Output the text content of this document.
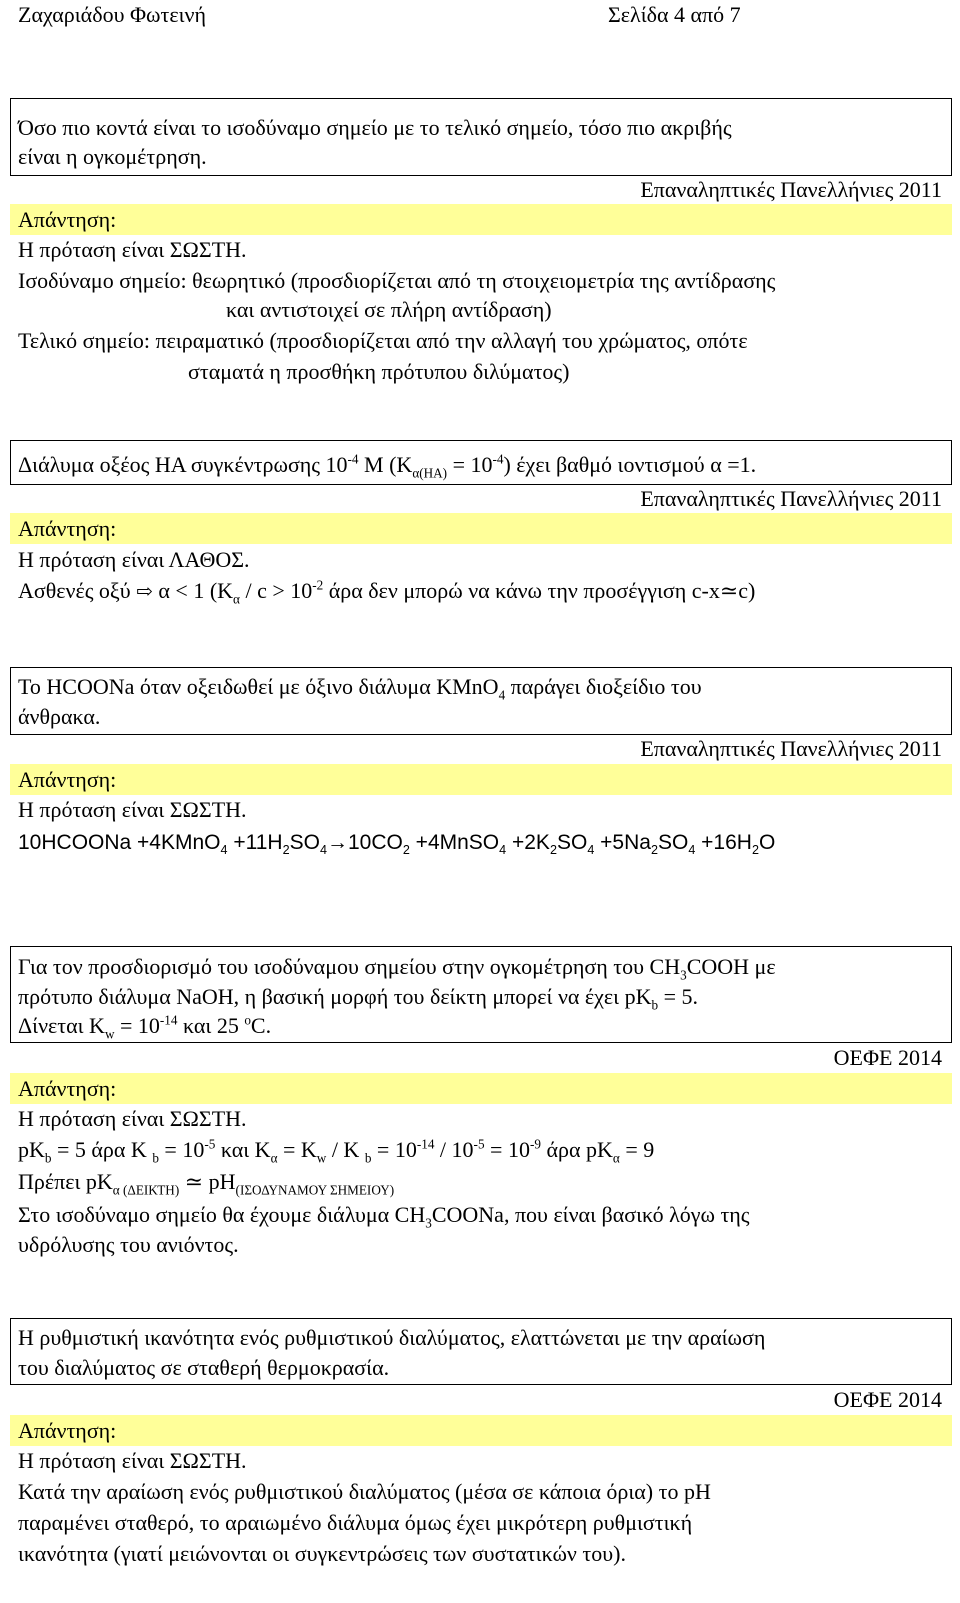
Ζαχαριάδου Φωτεινή	Σελίδα 4 από 7
Όσο πιο κοντά είναι το ισοδύναμο σημείο με το τελικό σημείο, τόσο πιο ακριβής
είναι η ογκομέτρηση.
Επαναληπτικές Πανελλήνιες 2011
Απάντηση:
Η πρόταση είναι ΣΩΣΤΗ.
Ισοδύναμο σημείο: θεωρητικό (προσδιορίζεται από τη στοιχειομετρία της αντίδρασης
και αντιστοιχεί σε πλήρη αντίδραση)
Τελικό σημείο: πειραματικό (προσδιορίζεται από την αλλαγή του χρώματος, οπότε
σταματά η προσθήκη πρότυπου διλύματος)
Διάλυμα οξέος ΗΑ συγκέντρωσης $10^{-4}$ Μ $(K_{\alpha(HA)} = 10^{-4})$ έχει βαθμό ιοντισμού α =1.
Επαναληπτικές Πανελλήνιες 2011
Απάντηση:
Η πρόταση είναι ΛΑΘΟΣ.
Ασθενές οξύ ⇨ α < 1 ($K_\alpha / c > 10^{-2}$ άρα δεν μπορώ να κάνω την προσέγγιση c-x≃c)
Το HCOONa όταν οξειδωθεί με όξινο διάλυμα KMnO$_4$ παράγει διοξείδιο του
άνθρακα.
Επαναληπτικές Πανελλήνιες 2011
Απάντηση:
Η πρόταση είναι ΣΩΣΤΗ.
10HCOONa +4KMnO$_4$ $+11H_2SO_4\to 10CO_2$ +4MnSO$_4$ $+2K_2SO_4 +5Na_2SO_4 +16H_2O$
Για τον προσδιορισμό του ισοδύναμου σημείου στην ογκομέτρηση του $CH_3COOH$ με
πρότυπο διάλυμα NaOH, η βασική μορφή του δείκτη μπορεί να έχει $pK_b = 5$.
Δίνεται $K_w = 10^{-14}$ και 25 $^o$C.
ΟΕΦΕ 2014
Απάντηση:
Η πρόταση είναι ΣΩΣΤΗ.
$pK_b = 5$ άρα K $_b = 10^{-5}$ και $K_\alpha = K_w / K$ $_b = 10^{-14} / 10^{-5} = 10^{-9}$ άρα $pK_\alpha = 9$
Πρέπει $pK_{\alpha (\Delta EIKTH)}$ ≃ $pH_{(I\Sigma O\Delta\Upsilon NAMO\Upsilon \Sigma HMEIO\Upsilon)}$
Στο ισοδύναμο σημείο θα έχουμε διάλυμα $CH_3COONa$, που είναι βασικό λόγω της
υδρόλυσης του ανιόντος.
Η ρυθμιστική ικανότητα ενός ρυθμιστικού διαλύματος, ελαττώνεται με την αραίωση
του διαλύματος σε σταθερή θερμοκρασία.
ΟΕΦΕ 2014
Απάντηση:
Η πρόταση είναι ΣΩΣΤΗ.
Κατά την αραίωση ενός ρυθμιστικού διαλύματος (μέσα σε κάποια όρια) το pH
παραμένει σταθερό, το αραιωμένο διάλυμα όμως έχει μικρότερη ρυθμιστική
ικανότητα (γιατί μειώνονται οι συγκεντρώσεις των συστατικών του).
